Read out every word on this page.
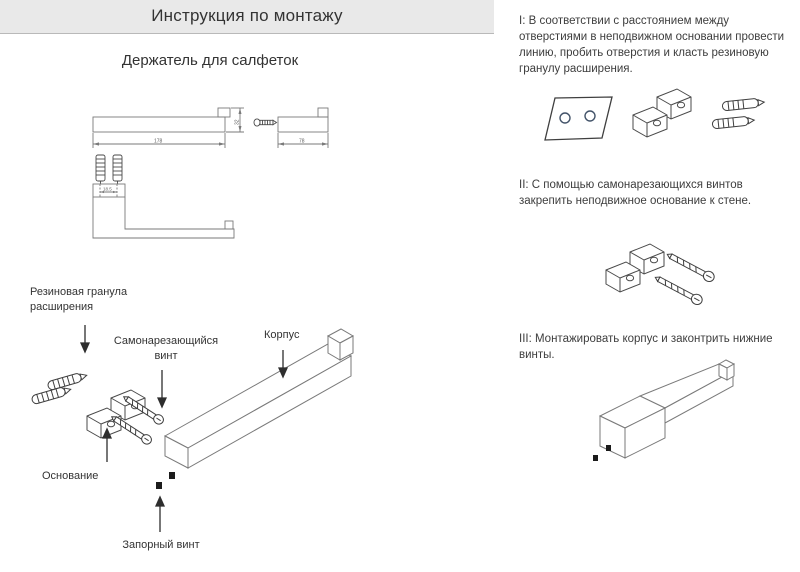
Инструкция по монтажу
Держатель для салфеток
178
32
78
18.5
Резиновая гранула расширения
Самонарезающийся винт
Корпус
Основание
Запорный винт
I: В соответствии с расстоянием между отверстиями в неподвижном основании провести линию, пробить отверстия и класть резиновую гранулу расширения.
II: С помощью самонарезающихся винтов закрепить неподвижное основание к стене.
III: Монтажировать корпус и законтрить нижние винты.
